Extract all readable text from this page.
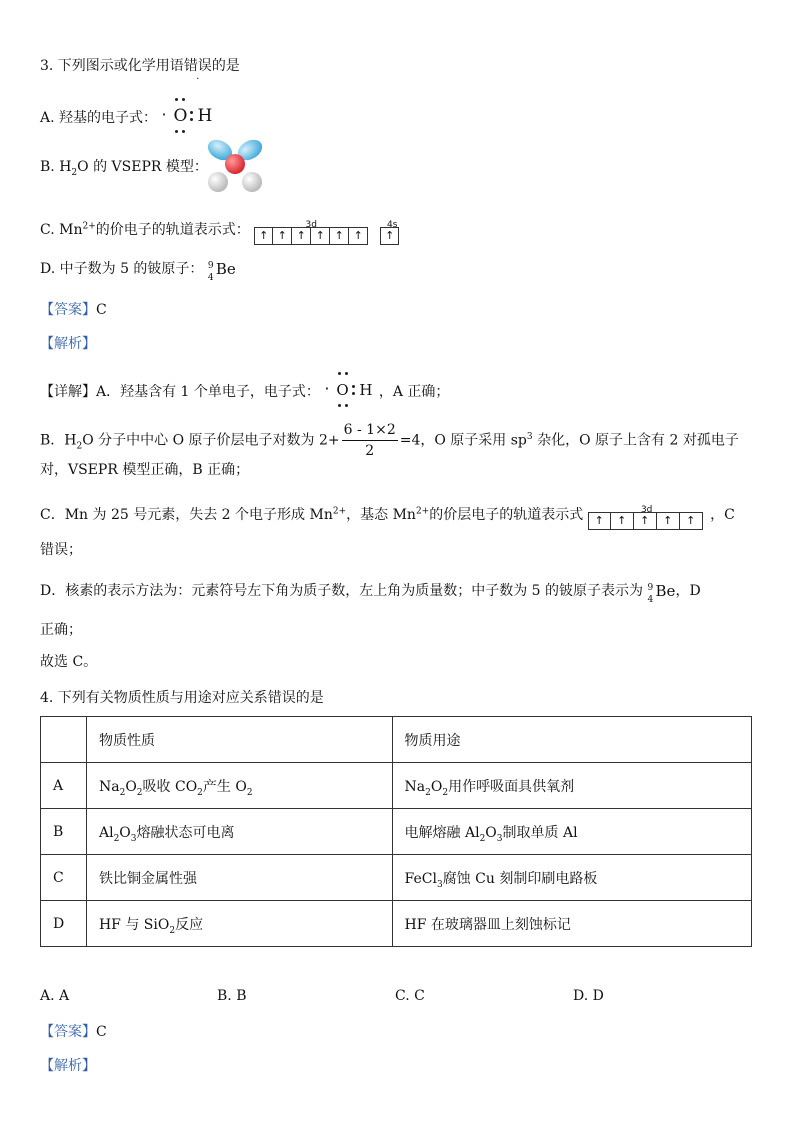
3. 下列图示或化学用语错误的是
A. 羟基的电子式： · O H
B. $H_2O$ 的 VSEPR 模型：
C. $Mn^{2+}$的价电子的轨道表示式：	3d	4s
↑ ↑ ↑ ↑ ↑ ↑	↑
D. 中子数为 5 的铍原子： 9
4 Be
【答案】C
【解析】
【详解】A．羟基含有 1 个单电子，电子式： · O H ，A 正确；
B．$H_2O$ 分子中中心 O 原子价层电子对数为 $2+ \frac{6 - 1\times 2}{2} =4$，O 原子采用 $sp^3$ 杂化，O 原子上含有 2 对孤电子
对，VSEPR 模型正确，B 正确；
C．Mn 为 25 号元素，失去 2 个电子形成 $Mn^{2+}$，基态 $Mn^{2+}$的价层电子的轨道表示式	3d
↑	↑	↑	↑	↑	，C
错误；
D．核素的表示方法为：元素符号左下角为质子数，左上角为质量数；中子数为 5 的铍原子表示为 9
4 Be ，D
正确；
故选 C。
4. 下列有关物质性质与用途对应关系错误的是
	物质性质	物质用途
A	$Na_2O_2$吸收 $CO_2$产生 $O_2$	$Na_2O_2$用作呼吸面具供氧剂
B	$Al_2O_3$熔融状态可电离	电解熔融 $Al_2O_3$制取单质 Al
C	铁比铜金属性强	FeCl$_3$腐蚀 Cu 刻制印刷电路板
D	HF 与 SiO$_2$反应	HF 在玻璃器皿上刻蚀标记
A. A	B. B	C. C	D. D
【答案】C
【解析】
